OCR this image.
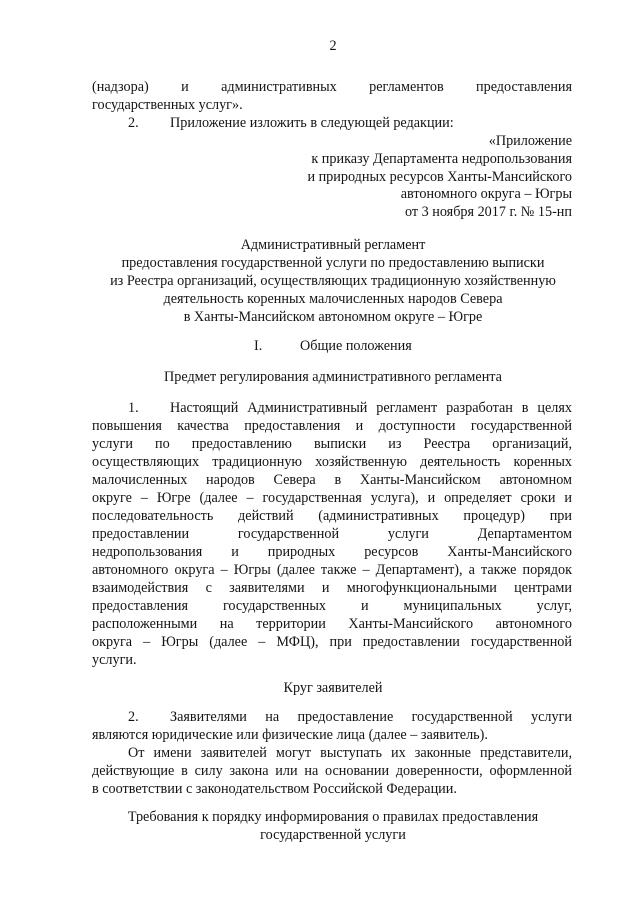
2
(надзора) и административных регламентов предоставления
государственных услуг».
2.	Приложение изложить в следующей редакции:
«Приложение
к приказу Департамента недропользования
и природных ресурсов Ханты-Мансийского
автономного округа – Югры
от 3 ноября 2017 г. № 15-нп
Административный регламент
предоставления государственной услуги по предоставлению выписки
из Реестра организаций, осуществляющих традиционную хозяйственную
деятельность коренных малочисленных народов Севера
в Ханты-Мансийском автономном округе – Югре
I.	Общие положения
Предмет регулирования административного регламента
1.	Настоящий Административный регламент разработан в целях
повышения качества предоставления и доступности государственной
услуги по предоставлению выписки из Реестра организаций,
осуществляющих традиционную хозяйственную деятельность коренных
малочисленных народов Севера в Ханты-Мансийском автономном
округе – Югре (далее – государственная услуга), и определяет сроки и
последовательность действий (административных процедур) при
предоставлении государственной услуги Департаментом
недропользования и природных ресурсов Ханты-Мансийского
автономного округа – Югры (далее также – Департамент), а также порядок
взаимодействия с заявителями и многофункциональными центрами
предоставления государственных и муниципальных услуг,
расположенными на территории Ханты-Мансийского автономного
округа – Югры (далее – МФЦ), при предоставлении государственной
услуги.
Круг заявителей
2.	Заявителями на предоставление государственной услуги
являются юридические или физические лица (далее – заявитель).
От имени заявителей могут выступать их законные представители,
действующие в силу закона или на основании доверенности, оформленной
в соответствии с законодательством Российской Федерации.
Требования к порядку информирования о правилах предоставления
государственной услуги
